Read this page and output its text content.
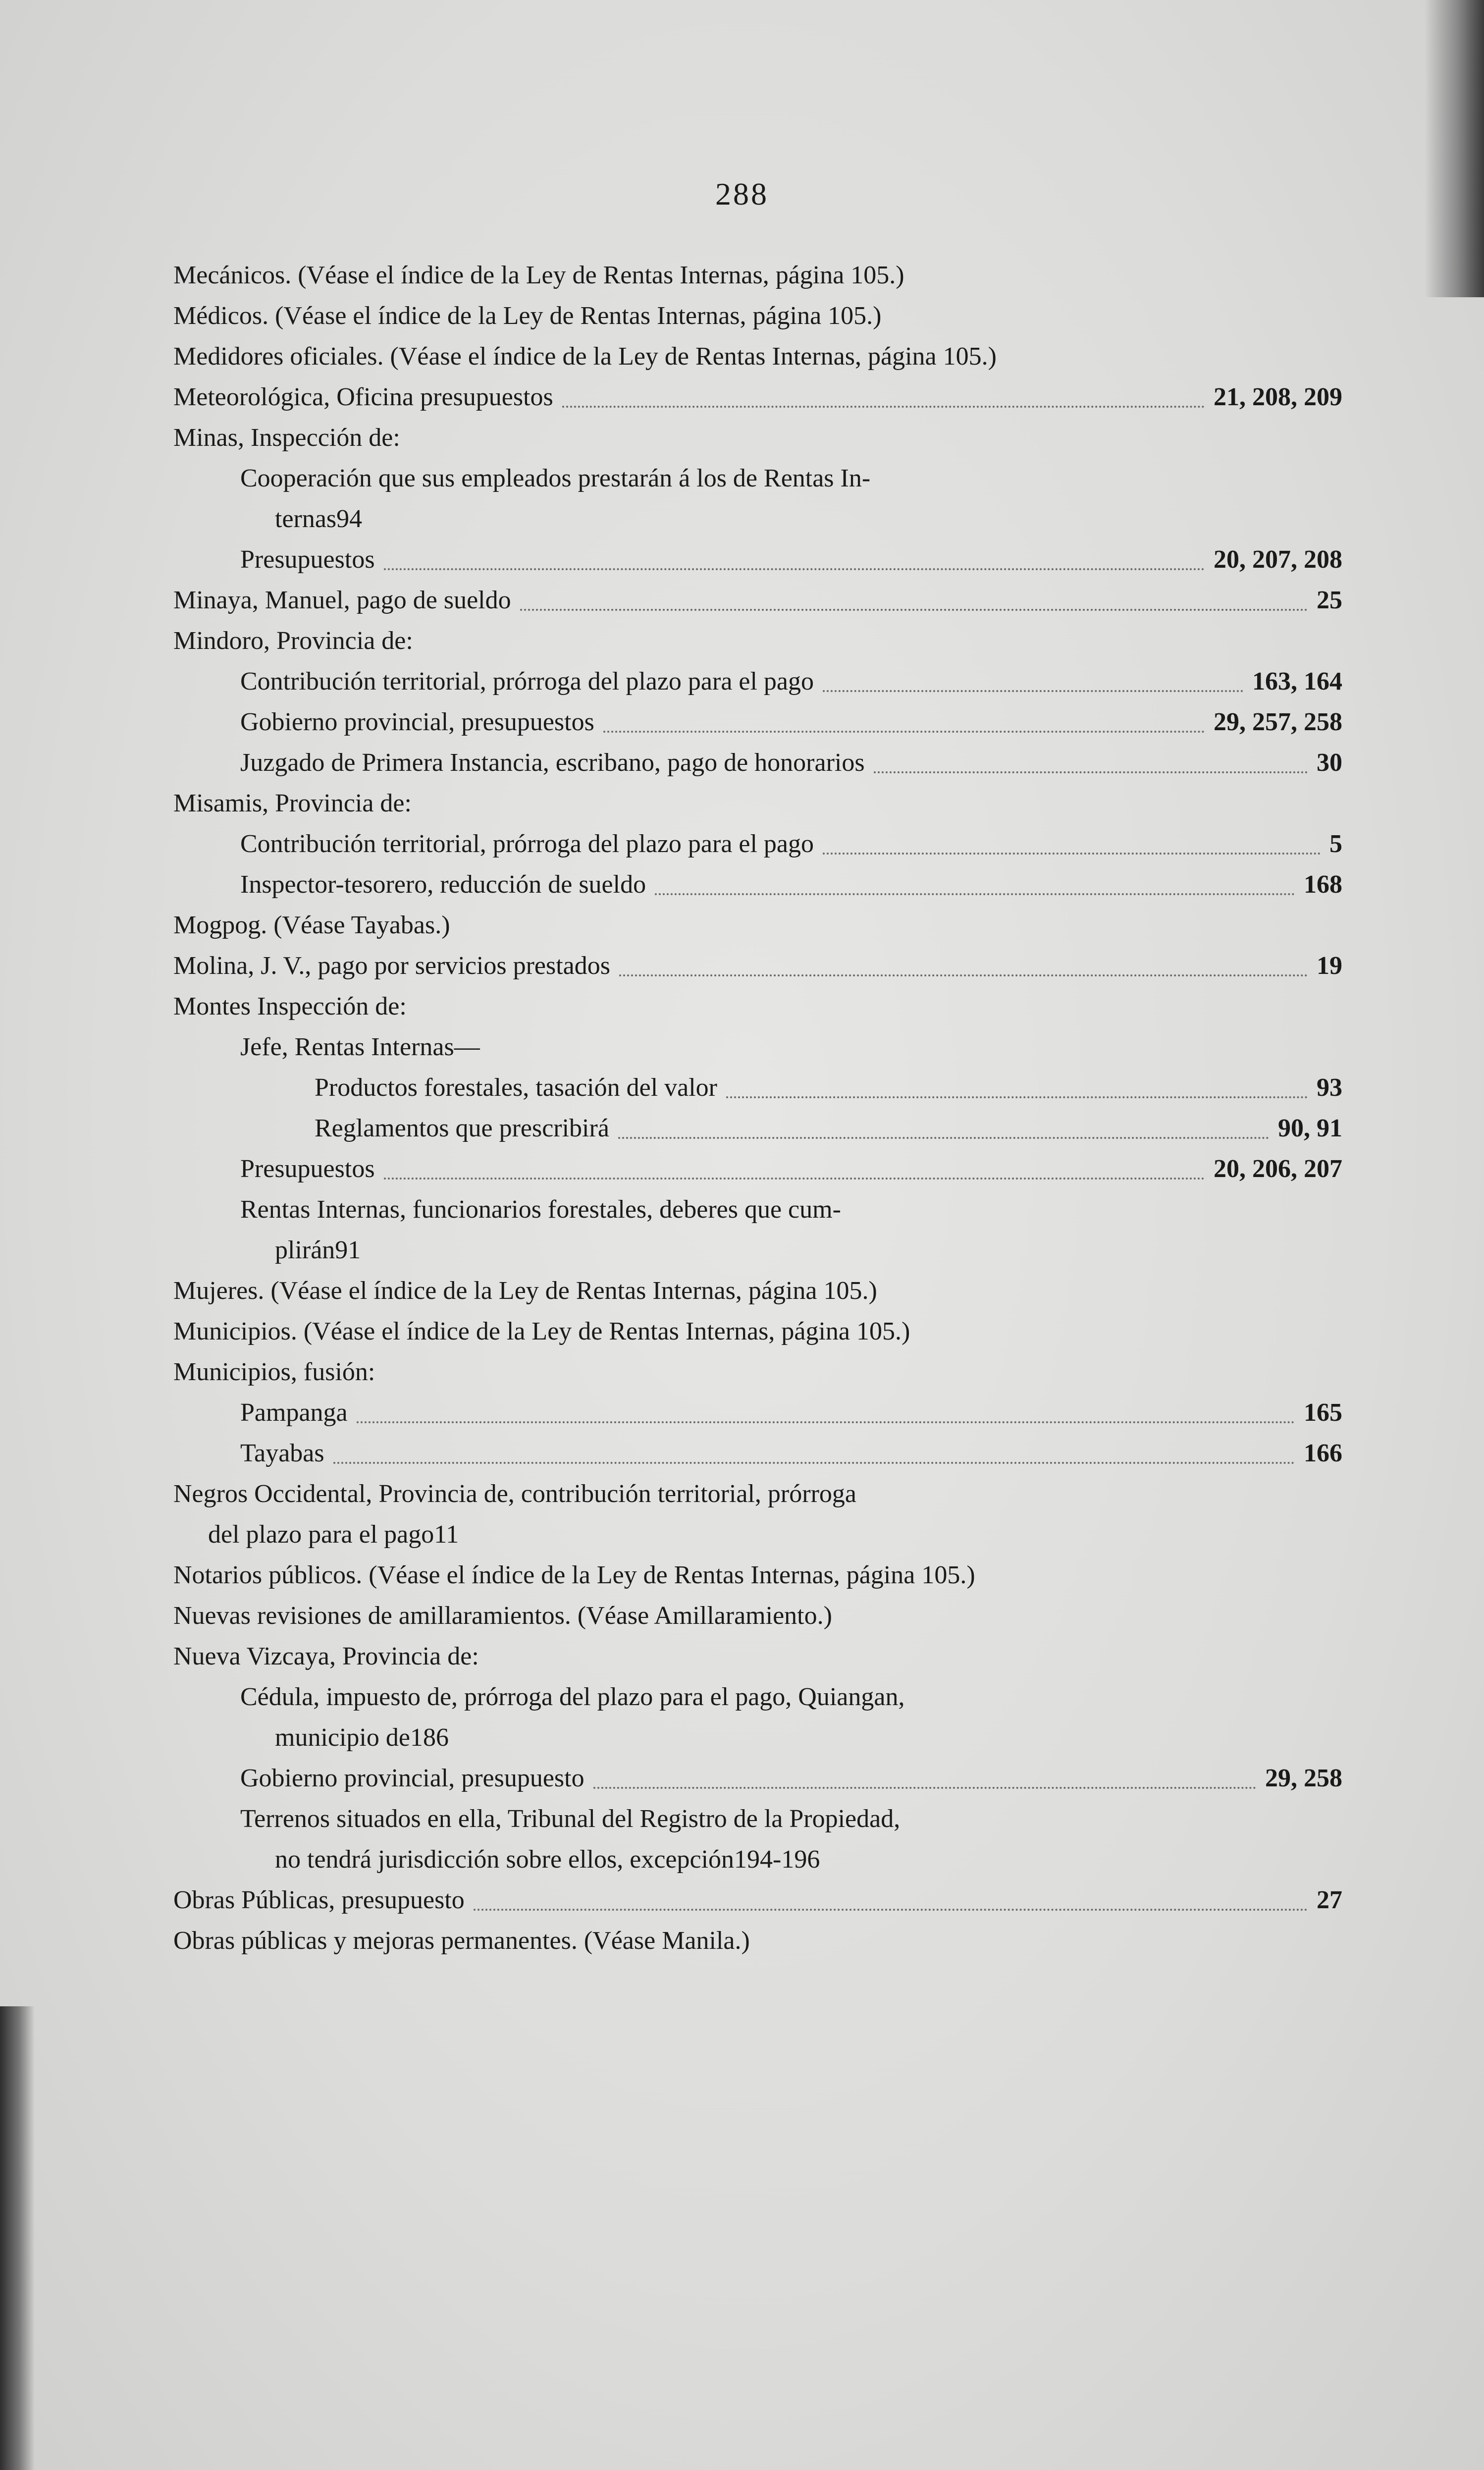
288
Mecánicos. (Véase el índice de la Ley de Rentas Internas, página 105.)
Médicos. (Véase el índice de la Ley de Rentas Internas, página 105.)
Medidores oficiales. (Véase el índice de la Ley de Rentas Internas, página 105.)
Meteorológica, Oficina presupuestos	21, 208, 209
Minas, Inspección de:
Cooperación que sus empleados prestarán á los de Rentas In-
ternas 94
Presupuestos	20, 207, 208
Minaya, Manuel, pago de sueldo	25
Mindoro, Provincia de:
Contribución territorial, prórroga del plazo para el pago	163, 164
Gobierno provincial, presupuestos	29, 257, 258
Juzgado de Primera Instancia, escribano, pago de honorarios	30
Misamis, Provincia de:
Contribución territorial, prórroga del plazo para el pago	5
Inspector-tesorero, reducción de sueldo	168
Mogpog. (Véase Tayabas.)
Molina, J. V., pago por servicios prestados	19
Montes Inspección de:
Jefe, Rentas Internas—
Productos forestales, tasación del valor	93
Reglamentos que prescribirá	90, 91
Presupuestos	20, 206, 207
Rentas Internas, funcionarios forestales, deberes que cum-
plirán 91
Mujeres. (Véase el índice de la Ley de Rentas Internas, página 105.)
Municipios. (Véase el índice de la Ley de Rentas Internas, página 105.)
Municipios, fusión:
Pampanga	165
Tayabas	166
Negros Occidental, Provincia de, contribución territorial, prórroga
del plazo para el pago 11
Notarios públicos. (Véase el índice de la Ley de Rentas Internas, página 105.)
Nuevas revisiones de amillaramientos. (Véase Amillaramiento.)
Nueva Vizcaya, Provincia de:
Cédula, impuesto de, prórroga del plazo para el pago, Quiangan,
municipio de 186
Gobierno provincial, presupuesto	29, 258
Terrenos situados en ella, Tribunal del Registro de la Propiedad,
no tendrá jurisdicción sobre ellos, excepción 194-196
Obras Públicas, presupuesto	27
Obras públicas y mejoras permanentes. (Véase Manila.)
